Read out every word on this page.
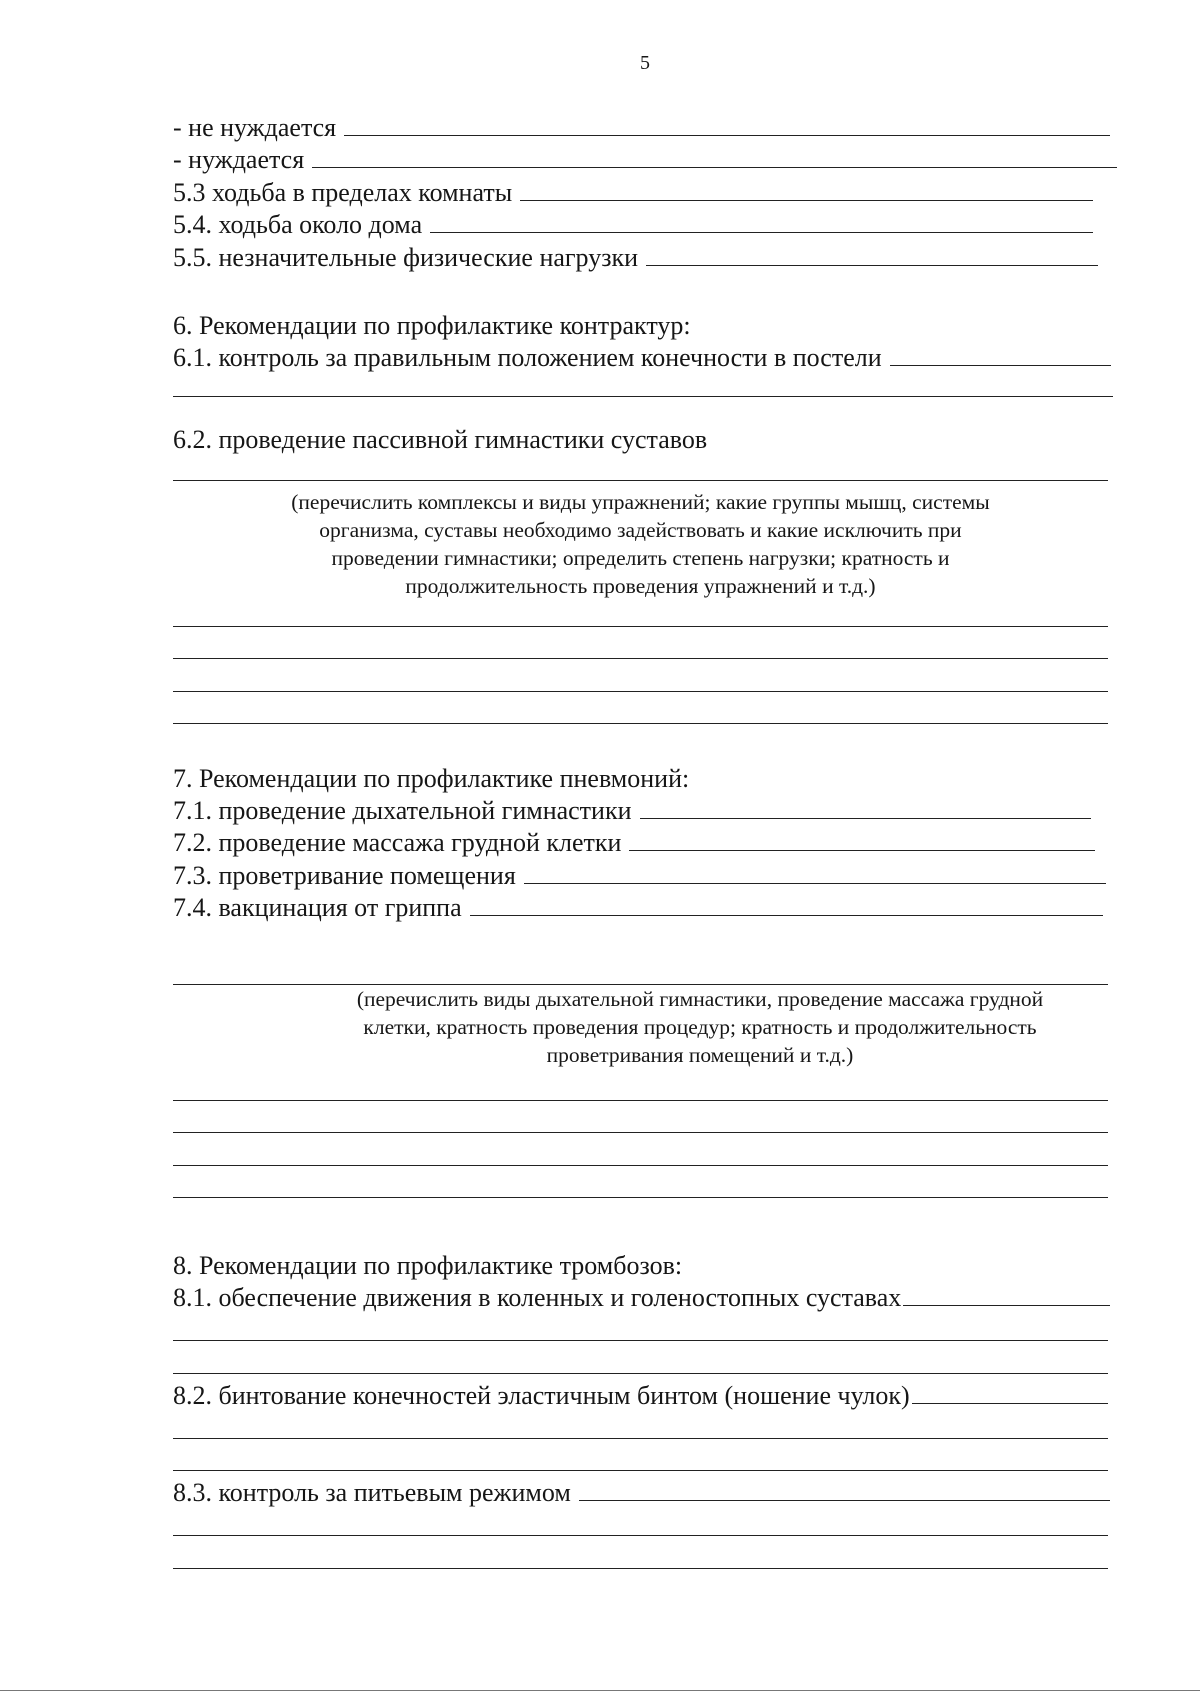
5
- не нуждается
- нуждается
5.3 ходьба в пределах комнаты
5.4. ходьба около дома
5.5. незначительные физические нагрузки
6. Рекомендации по профилактике контрактур:
6.1. контроль за правильным положением конечности в постели
6.2. проведение пассивной гимнастики суставов
(перечислить комплексы и виды упражнений; какие группы мышц, системы
организма, суставы необходимо задействовать и какие исключить при
проведении гимнастики; определить степень нагрузки; кратность и
продолжительность проведения упражнений и т.д.)
7. Рекомендации по профилактике пневмоний:
7.1. проведение дыхательной гимнастики
7.2. проведение массажа грудной клетки
7.3. проветривание помещения
7.4. вакцинация от гриппа
(перечислить виды дыхательной гимнастики, проведение массажа грудной
клетки, кратность проведения процедур; кратность и продолжительность
проветривания помещений и т.д.)
8. Рекомендации по профилактике тромбозов:
8.1. обеспечение движения в коленных и голеностопных суставах
8.2. бинтование конечностей эластичным бинтом (ношение чулок)
8.3. контроль за питьевым режимом
